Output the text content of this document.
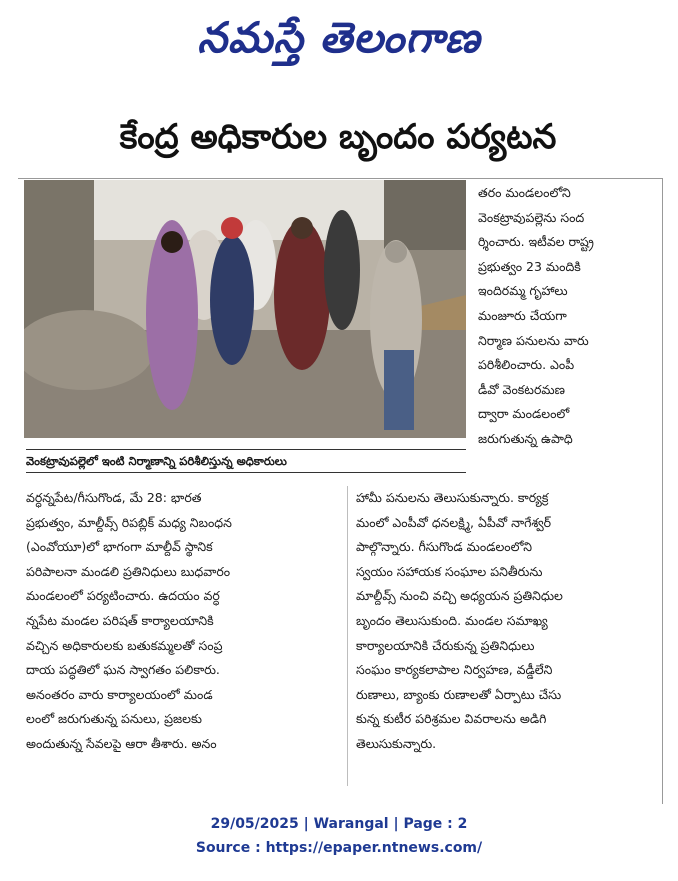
నమస్తే తెలంగాణ
కేంద్ర అధికారుల బృందం పర్యటన
వెంకట్రావుపల్లెలో ఇంటి నిర్మాణాన్ని పరిశీలిస్తున్న అధికారులు

తరం మండలంలోని

వెంకట్రావుపల్లెను సంద

ర్శించారు. ఇటీవల రాష్ట్ర

ప్రభుత్వం 23 మందికి

ఇందిరమ్మ గృహాలు

మంజూరు చేయగా

నిర్మాణ పనులను వారు

పరిశీలించారు. ఎంపీ

డీవో వెంకటరమణ

ద్వారా మండలంలో

జరుగుతున్న ఉపాధి

వర్ధన్నపేట/గీసుగొండ, మే 28: భారత

ప్రభుత్వం, మాల్దీవ్స్ రిపబ్లిక్ మధ్య నిబంధన

(ఎంవోయూ)లో భాగంగా మాల్దీవ్ స్థానిక

పరిపాలనా మండలి ప్రతినిధులు బుధవారం

మండలంలో పర్యటించారు. ఉదయం వర్ధ

న్నపేట మండల పరిషత్ కార్యాలయానికి

వచ్చిన అధికారులకు బతుకమ్మలతో సంప్ర

దాయ పద్ధతిలో ఘన స్వాగతం పలికారు.

అనంతరం వారు కార్యాలయంలో మండ

లంలో జరుగుతున్న పనులు, ప్రజలకు

అందుతున్న సేవలపై ఆరా తీశారు. అనం

హామీ పనులను తెలుసుకున్నారు. కార్యక్ర

మంలో ఎంపీవో ధనలక్ష్మి, ఏపీవో నాగేశ్వర్

పాల్గొన్నారు. గీసుగొండ మండలంలోని

స్వయం సహాయక సంఘాల పనితీరును

మాల్దీవ్స్ నుంచి వచ్చి అధ్యయన ప్రతినిధుల

బృందం తెలుసుకుంది. మండల సమాఖ్య

కార్యాలయానికి చేరుకున్న ప్రతినిధులు

సంఘం కార్యకలాపాల నిర్వహణ, వడ్డీలేని

రుణాలు, బ్యాంకు రుణాలతో ఏర్పాటు చేసు

కున్న కుటీర పరిశ్రమల వివరాలను అడిగి

తెలుసుకున్నారు.

29/05/2025 | Warangal | Page : 2
Source : https://epaper.ntnews.com/
